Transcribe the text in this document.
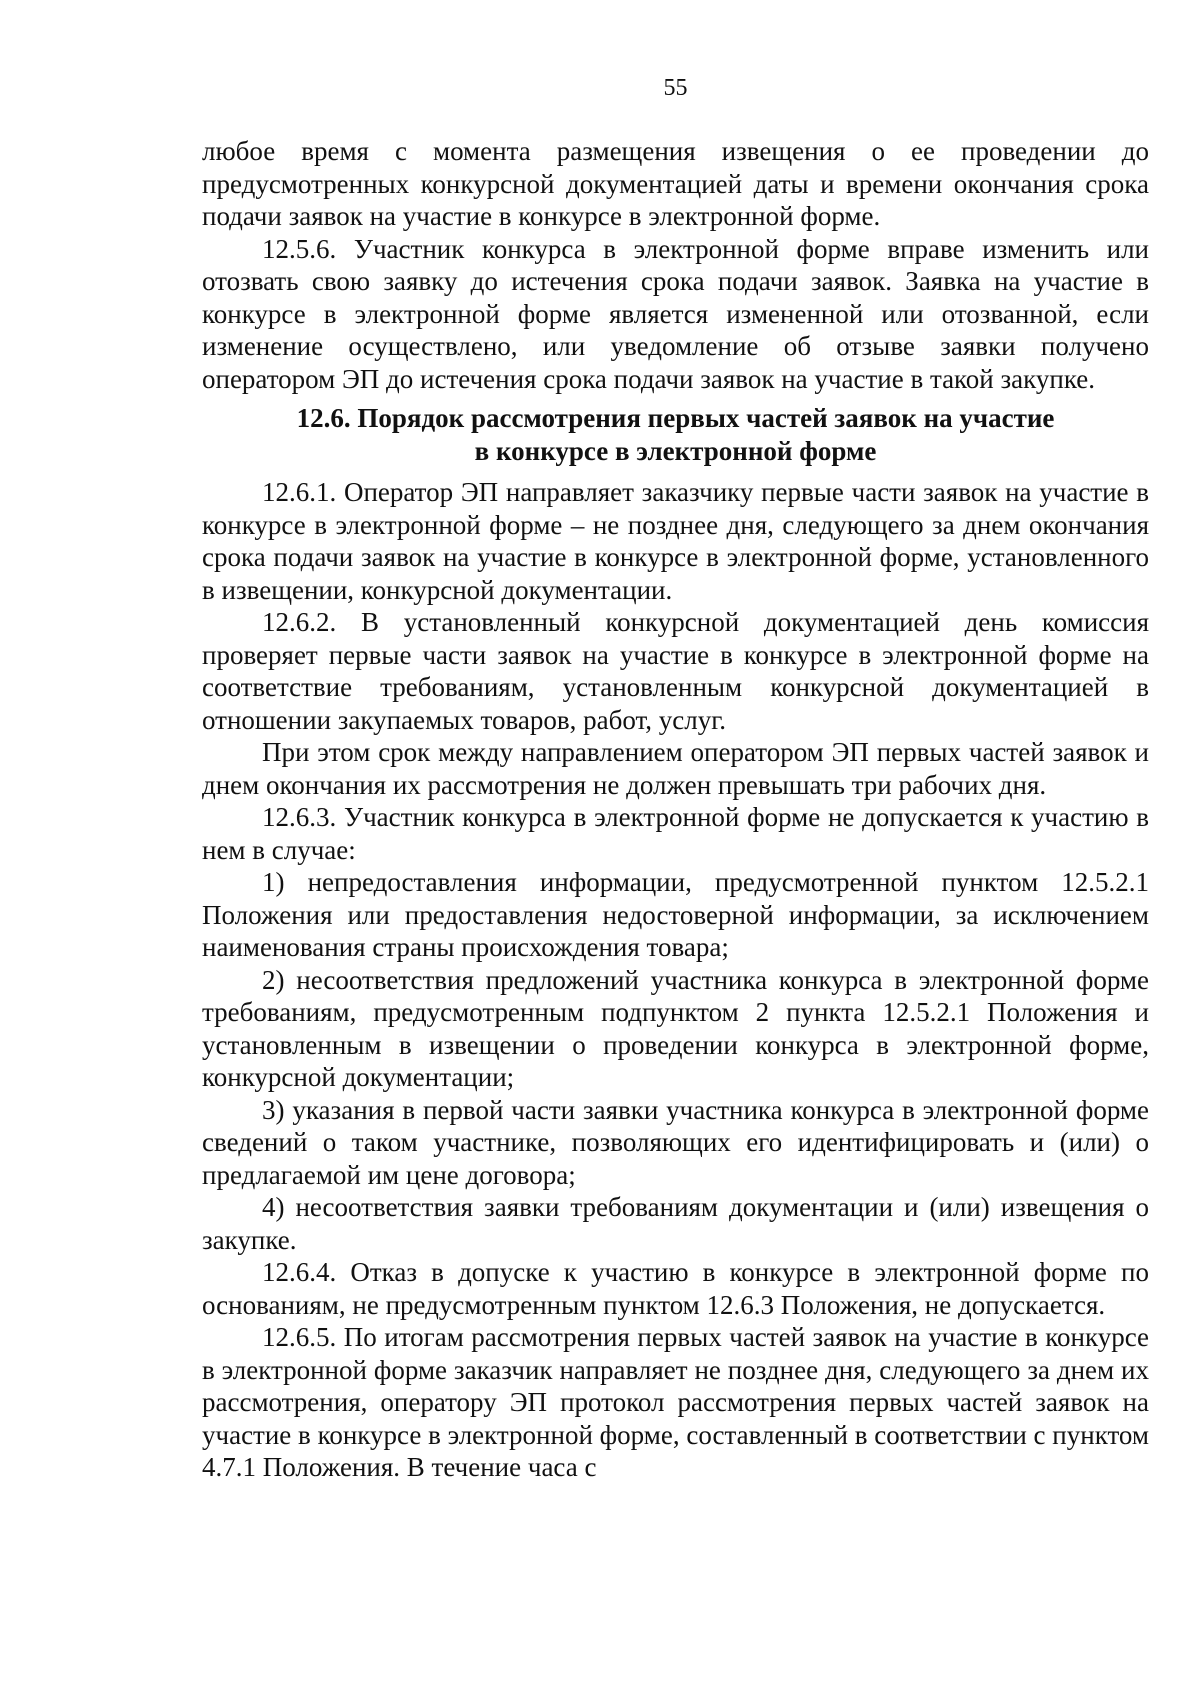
55

любое время с момента размещения извещения о ее проведении до предусмотренных конкурсной документацией даты и времени окончания срока подачи заявок на участие в конкурсе в электронной форме.

12.5.6. Участник конкурса в электронной форме вправе изменить или отозвать свою заявку до истечения срока подачи заявок. Заявка на участие в конкурсе в электронной форме является измененной или отозванной, если изменение осуществлено, или уведомление об отзыве заявки получено оператором ЭП до истечения срока подачи заявок на участие в такой закупке.

12.6. Порядок рассмотрения первых частей заявок на участие
в конкурсе в электронной форме

12.6.1. Оператор ЭП направляет заказчику первые части заявок на участие в конкурсе в электронной форме – не позднее дня, следующего за днем окончания срока подачи заявок на участие в конкурсе в электронной форме, установленного в извещении, конкурсной документации.

12.6.2. В установленный конкурсной документацией день комиссия проверяет первые части заявок на участие в конкурсе в электронной форме на соответствие требованиям, установленным конкурсной документацией в отношении закупаемых товаров, работ, услуг.

При этом срок между направлением оператором ЭП первых частей заявок и днем окончания их рассмотрения не должен превышать три рабочих дня.

12.6.3. Участник конкурса в электронной форме не допускается к участию в нем в случае:

1) непредоставления информации, предусмотренной пунктом 12.5.2.1 Положения или предоставления недостоверной информации, за исключением наименования страны происхождения товара;

2) несоответствия предложений участника конкурса в электронной форме требованиям, предусмотренным подпунктом 2 пункта 12.5.2.1 Положения и установленным в извещении о проведении конкурса в электронной форме, конкурсной документации;

3) указания в первой части заявки участника конкурса в электронной форме сведений о таком участнике, позволяющих его идентифицировать и (или) о предлагаемой им цене договора;

4) несоответствия заявки требованиям документации и (или) извещения о закупке.

12.6.4. Отказ в допуске к участию в конкурсе в электронной форме по основаниям, не предусмотренным пунктом 12.6.3 Положения, не допускается.

12.6.5. По итогам рассмотрения первых частей заявок на участие в конкурсе в электронной форме заказчик направляет не позднее дня, следующего за днем их рассмотрения, оператору ЭП протокол рассмотрения первых частей заявок на участие в конкурсе в электронной форме, составленный в соответствии с пунктом 4.7.1 Положения. В течение часа с
